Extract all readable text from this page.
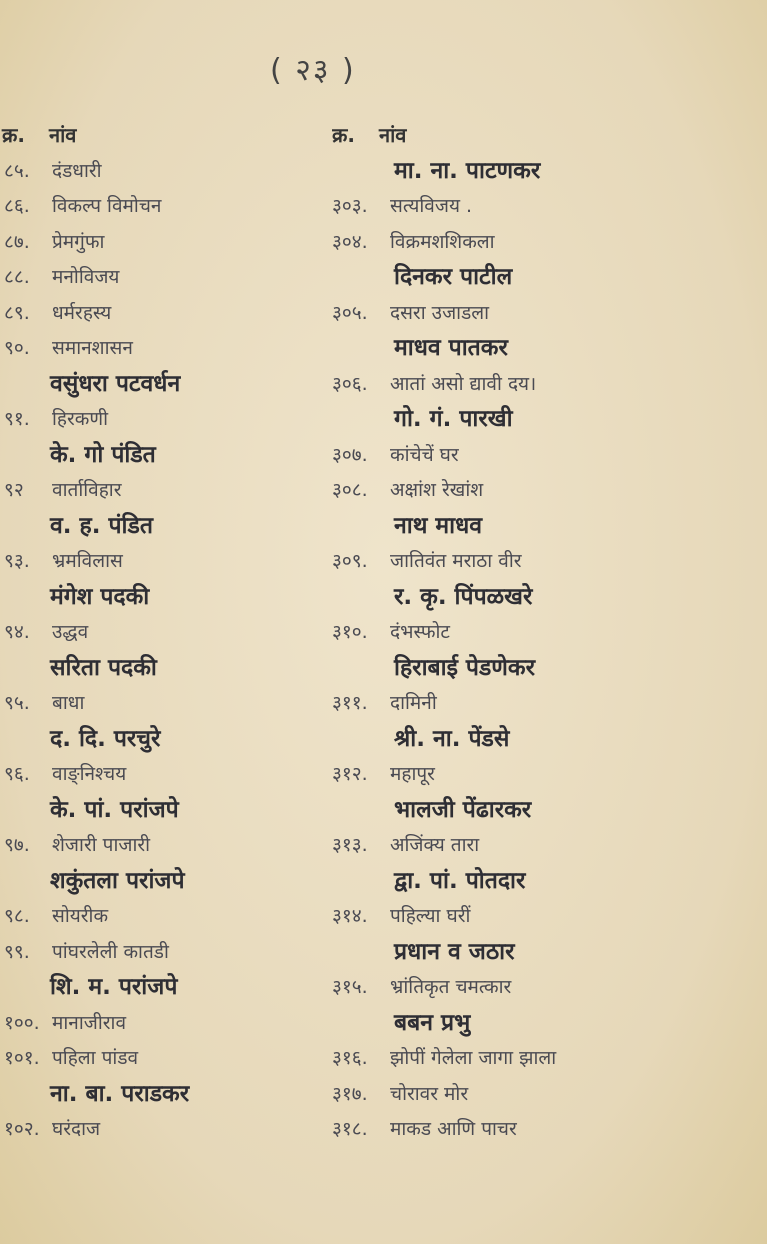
( २३ )
क्र. नांव
८५. दंडधारी
८६. विकल्प विमोचन
८७. प्रेमगुंफा
८८. मनोविजय
८९. धर्मरहस्य
९०. समानशासन
वसुंधरा पटवर्धन
९१. हिरकणी
के. गो पंडित
९२ वार्ताविहार
व. ह. पंडित
९३. भ्रमविलास
मंगेश पदकी
९४. उद्धव
सरिता पदकी
९५. बाधा
द. दि. परचुरे
९६. वाङ्निश्चय
के. पां. परांजपे
९७. शेजारी पाजारी
शकुंतला परांजपे
९८. सोयरीक
९९. पांघरलेली कातडी
शि. म. परांजपे
१००. मानाजीराव
१०१. पहिला पांडव
ना. बा. पराडकर
१०२. घरंदाज
क्र. नांव
मा. ना. पाटणकर
३०३. सत्यविजय .
३०४. विक्रमशशिकला
दिनकर पाटील
३०५. दसरा उजाडला
माधव पातकर
३०६. आतां असो द्यावी दय।
गो. गं. पारखी
३०७. कांचेचें घर
३०८. अक्षांश रेखांश
नाथ माधव
३०९. जातिवंत मराठा वीर
र. कृ. पिंपळखरे
३१०. दंभस्फोट
हिराबाई पेडणेकर
३११. दामिनी
श्री. ना. पेंडसे
३१२. महापूर
भालजी पेंढारकर
३१३. अजिंक्य तारा
द्वा. पां. पोतदार
३१४. पहिल्या घरीं
प्रधान व जठार
३१५. भ्रांतिकृत चमत्कार
बबन प्रभु
३१६. झोपीं गेलेला जागा झाला
३१७. चोरावर मोर
३१८. माकड आणि पाचर
